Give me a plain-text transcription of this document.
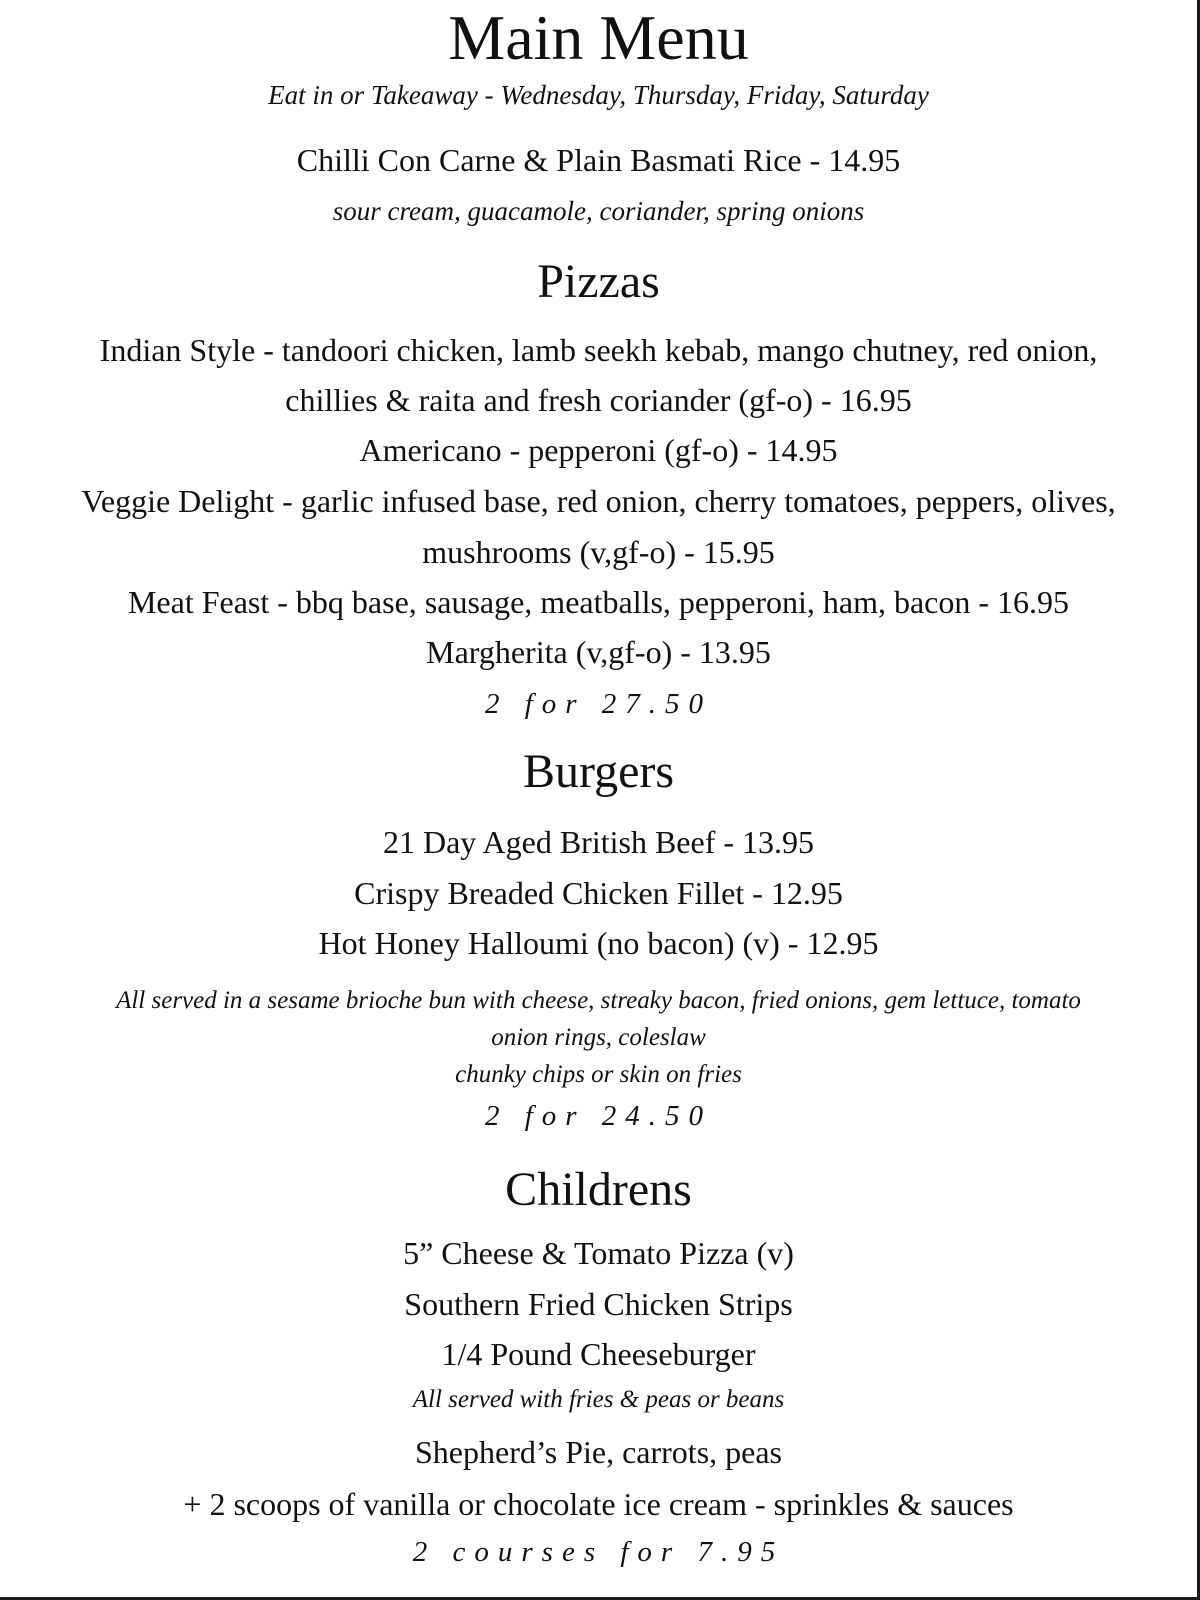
Main Menu
Eat in or Takeaway - Wednesday, Thursday, Friday, Saturday
Chilli Con Carne & Plain Basmati Rice - 14.95
sour cream, guacamole, coriander, spring onions
Pizzas
Indian Style - tandoori chicken, lamb seekh kebab, mango chutney, red onion,
chillies & raita and fresh coriander (gf-o) - 16.95
Americano - pepperoni (gf-o) - 14.95
Veggie Delight - garlic infused base, red onion, cherry tomatoes, peppers, olives,
mushrooms (v,gf-o) - 15.95
Meat Feast - bbq base, sausage, meatballs, pepperoni, ham, bacon - 16.95
Margherita (v,gf-o) - 13.95
2 for 27.50
Burgers
21 Day Aged British Beef - 13.95
Crispy Breaded Chicken Fillet - 12.95
Hot Honey Halloumi (no bacon) (v) - 12.95
All served in a sesame brioche bun with cheese, streaky bacon, fried onions, gem lettuce, tomato
onion rings, coleslaw
chunky chips or skin on fries
2 for 24.50
Childrens
5” Cheese & Tomato Pizza (v)
Southern Fried Chicken Strips
1/4 Pound Cheeseburger
All served with fries & peas or beans
Shepherd’s Pie, carrots, peas
+ 2 scoops of vanilla or chocolate ice cream - sprinkles & sauces
2 courses for 7.95
